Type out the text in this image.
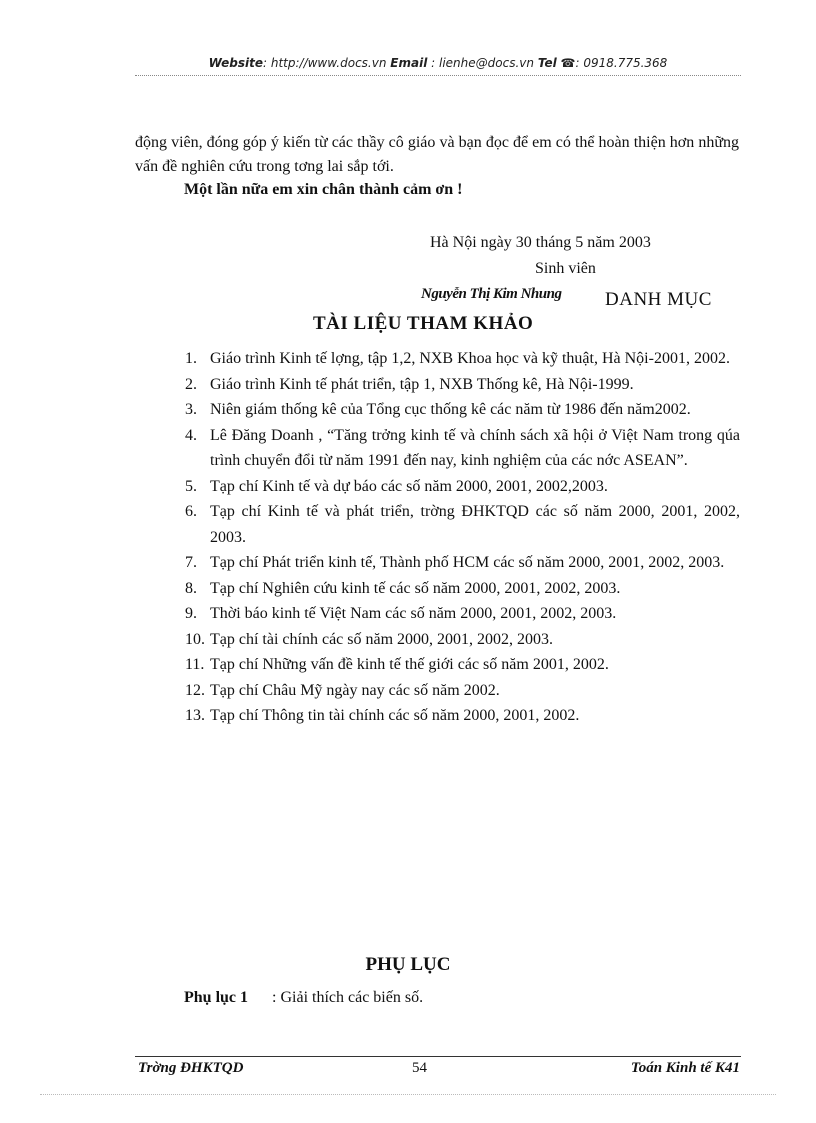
Website: http://www.docs.vn Email : lienhe@docs.vn Tel ☎: 0918.775.368
động viên, đóng góp ý kiến từ các thầy cô giáo và bạn đọc để em có thể hoàn thiện hơn những vấn đề nghiên cứu trong tơng lai sắp tới.
Một lần nữa em xin chân thành cảm ơn !
Hà Nội ngày 30 tháng 5 năm 2003
Sinh viên
Nguyễn Thị Kim Nhung DANH MỤC
TÀI LIỆU THAM KHẢO
1. Giáo trình Kinh tế lợng, tập 1,2, NXB Khoa học và kỹ thuật, Hà Nội-2001, 2002.
2. Giáo trình Kinh tế phát triển, tập 1, NXB Thống kê, Hà Nội-1999.
3. Niên giám thống kê của Tổng cục thống kê các năm từ 1986 đến năm2002.
4. Lê Đăng Doanh , “Tăng trởng kinh tế và chính sách xã hội ở Việt Nam trong qúa trình chuyển đổi từ năm 1991 đến nay, kinh nghiệm của các nớc ASEAN”.
5. Tạp chí Kinh tế và dự báo các số năm 2000, 2001, 2002,2003.
6. Tạp chí Kinh tế và phát triển, trờng ĐHKTQD các số năm 2000, 2001, 2002, 2003.
7. Tạp chí Phát triển kinh tế, Thành phố HCM các số năm 2000, 2001, 2002, 2003.
8. Tạp chí Nghiên cứu kinh tế các số năm 2000, 2001, 2002, 2003.
9. Thời báo kinh tế Việt Nam các số năm 2000, 2001, 2002, 2003.
10. Tạp chí tài chính các số năm 2000, 2001, 2002, 2003.
11. Tạp chí Những vấn đề kinh tế thế giới các số năm 2001, 2002.
12. Tạp chí Châu Mỹ ngày nay các số năm 2002.
13. Tạp chí Thông tin tài chính các số năm 2000, 2001, 2002.
PHỤ LỤC
Phụ lục 1 : Giải thích các biến số.
Trờng ĐHKTQD	54	Toán Kinh tế K41
